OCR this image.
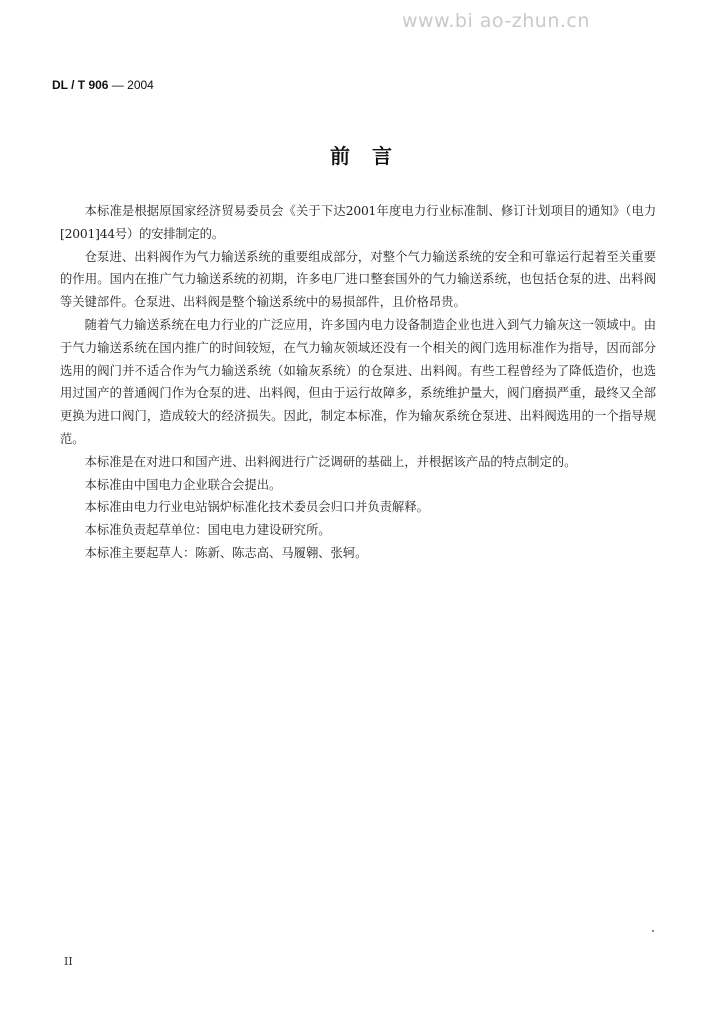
www.bi ao-zhun.cn
DL / T 906 — 2004
前言

本标准是根据原国家经济贸易委员会《关于下达2001年度电力行业标准制、修订计划项目的通知》（电力[2001]44号）的安排制定的。

仓泵进、出料阀作为气力输送系统的重要组成部分，对整个气力输送系统的安全和可靠运行起着至关重要的作用。国内在推广气力输送系统的初期，许多电厂进口整套国外的气力输送系统，也包括仓泵的进、出料阀等关键部件。仓泵进、出料阀是整个输送系统中的易损部件，且价格昂贵。

随着气力输送系统在电力行业的广泛应用，许多国内电力设备制造企业也进入到气力输灰这一领域中。由于气力输送系统在国内推广的时间较短，在气力输灰领域还没有一个相关的阀门选用标准作为指导，因而部分选用的阀门并不适合作为气力输送系统（如输灰系统）的仓泵进、出料阀。有些工程曾经为了降低造价，也选用过国产的普通阀门作为仓泵的进、出料阀，但由于运行故障多，系统维护量大，阀门磨损严重，最终又全部更换为进口阀门，造成较大的经济损失。因此，制定本标准，作为输灰系统仓泵进、出料阀选用的一个指导规范。

本标准是在对进口和国产进、出料阀进行广泛调研的基础上，并根据该产品的特点制定的。

本标准由中国电力企业联合会提出。

本标准由电力行业电站锅炉标准化技术委员会归口并负责解释。

本标准负责起草单位：国电电力建设研究所。

本标准主要起草人：陈新、陈志高、马履翱、张轲。

II
